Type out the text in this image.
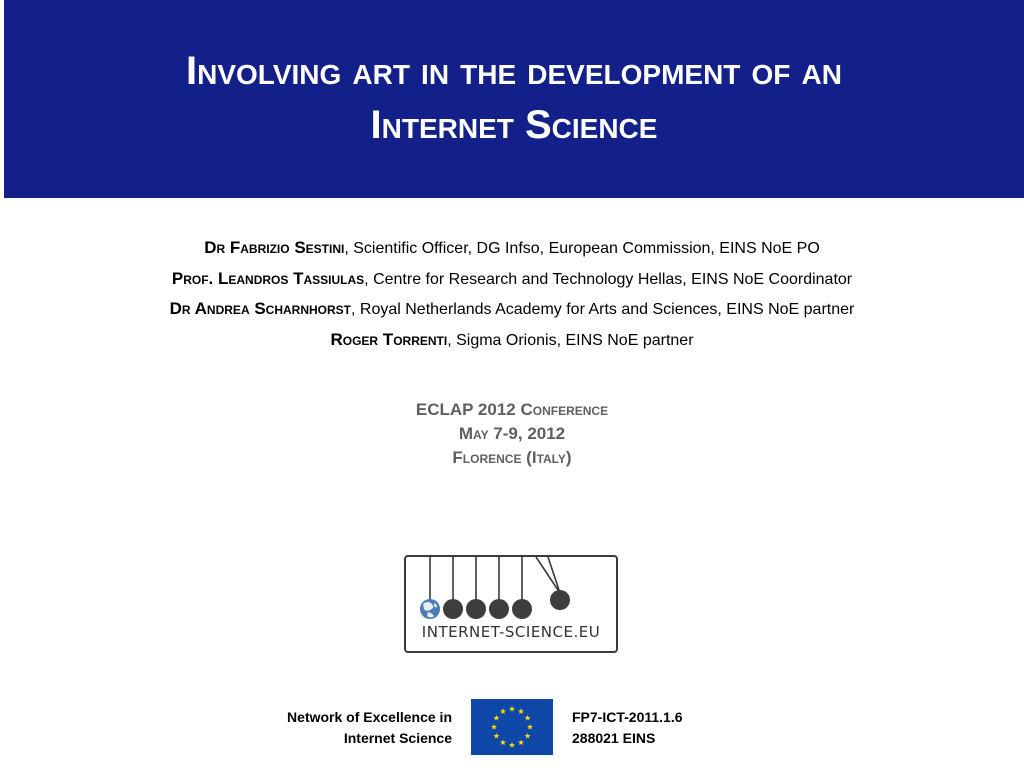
Involving art in the development of an
Internet Science
Dr Fabrizio Sestini, Scientific Officer, DG Infso, European Commission, EINS NoE PO
Prof. Leandros Tassiulas, Centre for Research and Technology Hellas, EINS NoE Coordinator
Dr Andrea Scharnhorst, Royal Netherlands Academy for Arts and Sciences, EINS NoE partner
Roger Torrenti, Sigma Orionis, EINS NoE partner
ECLAP 2012 Conference
May 7-9, 2012
Florence (Italy)
INTERNET-SCIENCE.EU
Network of Excellence in
Internet Science
FP7-ICT-2011.1.6
288021 EINS
